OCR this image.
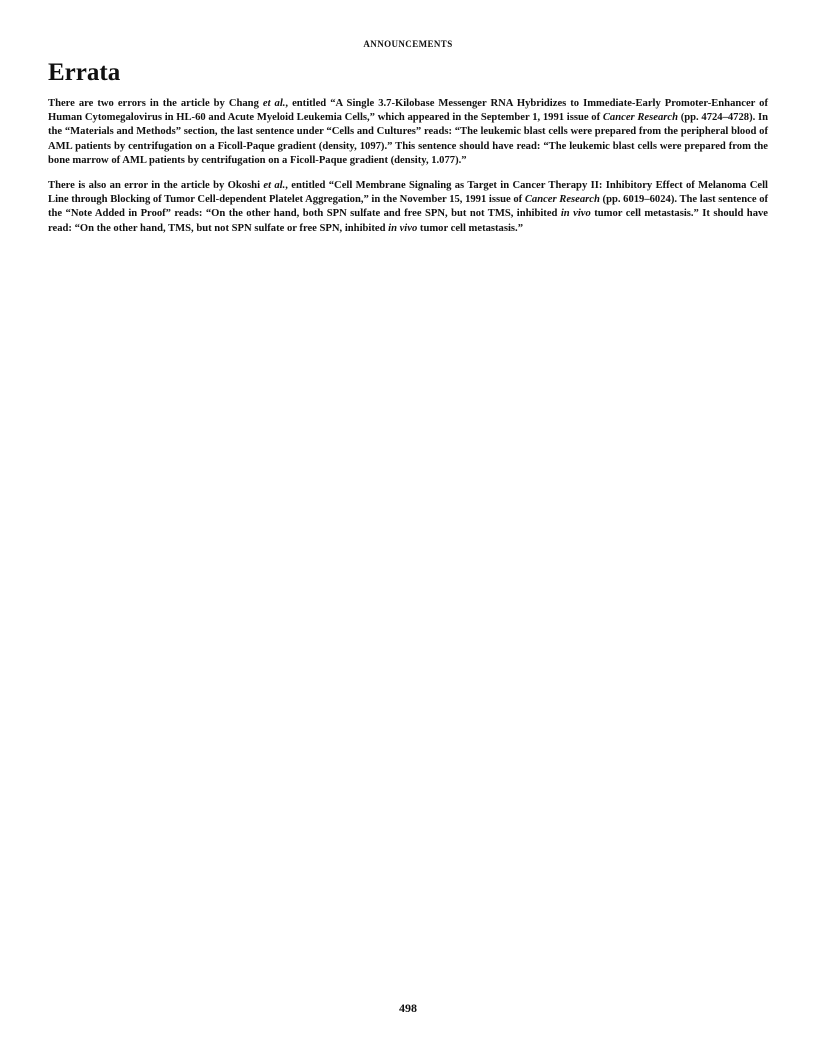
ANNOUNCEMENTS
Errata

There are two errors in the article by Chang et al., entitled “A Single 3.7-Kilobase Messenger RNA Hybridizes to Immediate-Early Promoter-Enhancer of Human Cytomegalovirus in HL-60 and Acute Myeloid Leukemia Cells,” which appeared in the September 1, 1991 issue of Cancer Research (pp. 4724–4728). In the “Materials and Methods” section, the last sentence under “Cells and Cultures” reads: “The leukemic blast cells were prepared from the peripheral blood of AML patients by centrifugation on a Ficoll-Paque gradient (density, 1097).” This sentence should have read: “The leukemic blast cells were prepared from the bone marrow of AML patients by centrifugation on a Ficoll-Paque gradient (density, 1.077).”

There is also an error in the article by Okoshi et al., entitled “Cell Membrane Signaling as Target in Cancer Therapy II: Inhibitory Effect of Melanoma Cell Line through Blocking of Tumor Cell-dependent Platelet Aggregation,” in the November 15, 1991 issue of Cancer Research (pp. 6019–6024). The last sentence of the “Note Added in Proof” reads: “On the other hand, both SPN sulfate and free SPN, but not TMS, inhibited in vivo tumor cell metastasis.” It should have read: “On the other hand, TMS, but not SPN sulfate or free SPN, inhibited in vivo tumor cell metastasis.”

498
